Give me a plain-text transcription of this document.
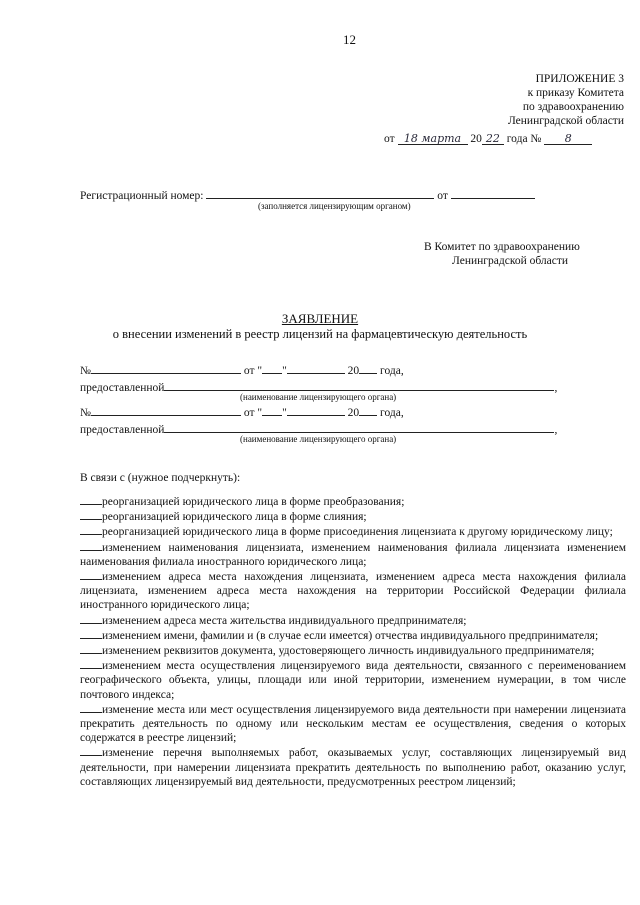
12
ПРИЛОЖЕНИЕ 3
к приказу Комитета
по здравоохранению
Ленинградской области
от 18 марта 20 22 года № 8
Регистрационный номер:	от
(заполняется лицензирующим органом)
В Комитет по здравоохранению
Ленинградской области
ЗАЯВЛЕНИЕ
о внесении изменений в реестр лицензий на фармацевтическую деятельность
№	от " "	20 года,
предоставленной	,
(наименование лицензирующего органа)
№	от " "	20 года,
предоставленной	,
(наименование лицензирующего органа)
В связи с (нужное подчеркнуть):

реорганизацией юридического лица в форме преобразования;

реорганизацией юридического лица в форме слияния;

реорганизацией юридического лица в форме присоединения лицензиата к другому юридическому лицу;

изменением наименования лицензиата, изменением наименования филиала лицензиата изменением наименования филиала иностранного юридического лица;

изменением адреса места нахождения лицензиата, изменением адреса места нахождения филиала лицензиата, изменением адреса места нахождения на территории Российской Федерации филиала иностранного юридического лица;

изменением адреса места жительства индивидуального предпринимателя;

изменением имени, фамилии и (в случае если имеется) отчества индивидуального предпринимателя;

изменением реквизитов документа, удостоверяющего личность индивидуального предпринимателя;

изменением места осуществления лицензируемого вида деятельности, связанного с переименованием географического объекта, улицы, площади или иной территории, изменением нумерации, в том числе почтового индекса;

изменение места или мест осуществления лицензируемого вида деятельности при намерении лицензиата прекратить деятельность по одному или нескольким местам ее осуществления, сведения о которых содержатся в реестре лицензий;

изменение перечня выполняемых работ, оказываемых услуг, составляющих лицензируемый вид деятельности, при намерении лицензиата прекратить деятельность по выполнению работ, оказанию услуг, составляющих лицензируемый вид деятельности, предусмотренных реестром лицензий;
